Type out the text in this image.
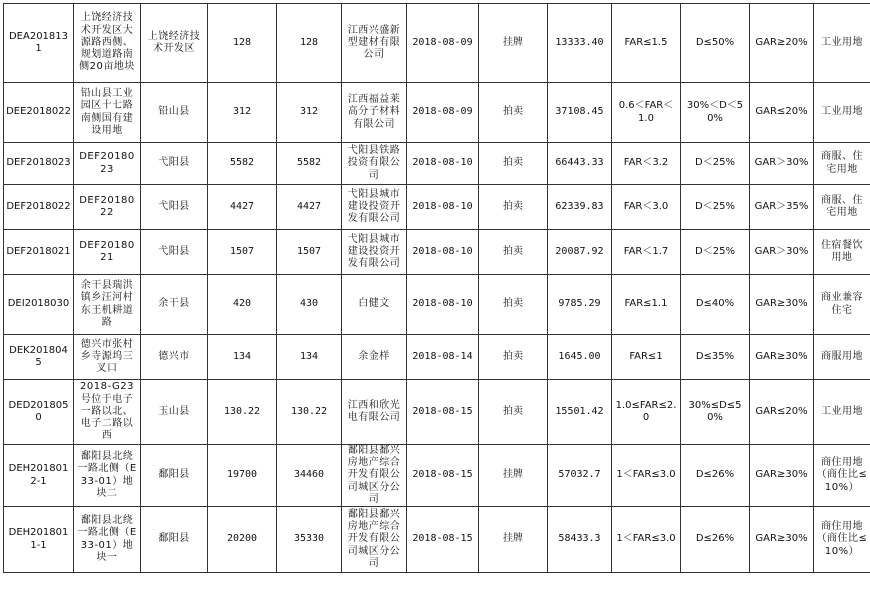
DEA2018131	上饶经济技术开发区大源路西侧、规划道路南侧20亩地块	上饶经济技术开发区	128	128	江西兴盛新型建材有限公司	2018-08-09	挂牌	13333.40	FAR≤1.5	D≤50%	GAR≥20%	工业用地
DEE2018022	铅山县工业园区十七路南侧国有建设用地	铅山县	312	312	江西福益莱高分子材料有限公司	2018-08-09	拍卖	37108.45	0.6＜FAR＜1.0	30%＜D＜50%	GAR≤20%	工业用地
DEF2018023	DEF2018023	弋阳县	5582	5582	弋阳县铁路投资有限公司	2018-08-10	拍卖	66443.33	FAR＜3.2	D＜25%	GAR＞30%	商服、住宅用地
DEF2018022	DEF2018022	弋阳县	4427	4427	弋阳县城市建设投资开发有限公司	2018-08-10	拍卖	62339.83	FAR＜3.0	D＜25%	GAR＞35%	商服、住宅用地
DEF2018021	DEF2018021	弋阳县	1507	1507	弋阳县城市建设投资开发有限公司	2018-08-10	拍卖	20087.92	FAR＜1.7	D＜25%	GAR＞30%	住宿餐饮用地
DEI2018030	余干县瑞洪镇乡汪河村东王机耕道路	余干县	420	430	白健文	2018-08-10	拍卖	9785.29	FAR≤1.1	D≤40%	GAR≥30%	商业兼容住宅
DEK2018045	德兴市张村乡寺源坞三叉口	德兴市	134	134	余金样	2018-08-14	拍卖	1645.00	FAR≤1	D≤35%	GAR≥30%	商服用地
DED2018050	2018-G23号位于电子一路以北、电子二路以西	玉山县	130.22	130.22	江西和欣光电有限公司	2018-08-15	拍卖	15501.42	1.0≤FAR≤2.0	30%≤D≤50%	GAR≤20%	工业用地
DEH2018012-1	鄱阳县北绕一路北侧（E33-01）地块二	鄱阳县	19700	34460	鄱阳县鄱兴房地产综合开发有限公司城区分公司	2018-08-15	挂牌	57032.7	1＜FAR≤3.0	D≤26%	GAR≥30%	商住用地（商住比≤10%）
DEH2018011-1	鄱阳县北绕一路北侧（E33-01）地块一	鄱阳县	20200	35330	鄱阳县鄱兴房地产综合开发有限公司城区分公司	2018-08-15	挂牌	58433.3	1＜FAR≤3.0	D≤26%	GAR≥30%	商住用地（商住比≤10%）
